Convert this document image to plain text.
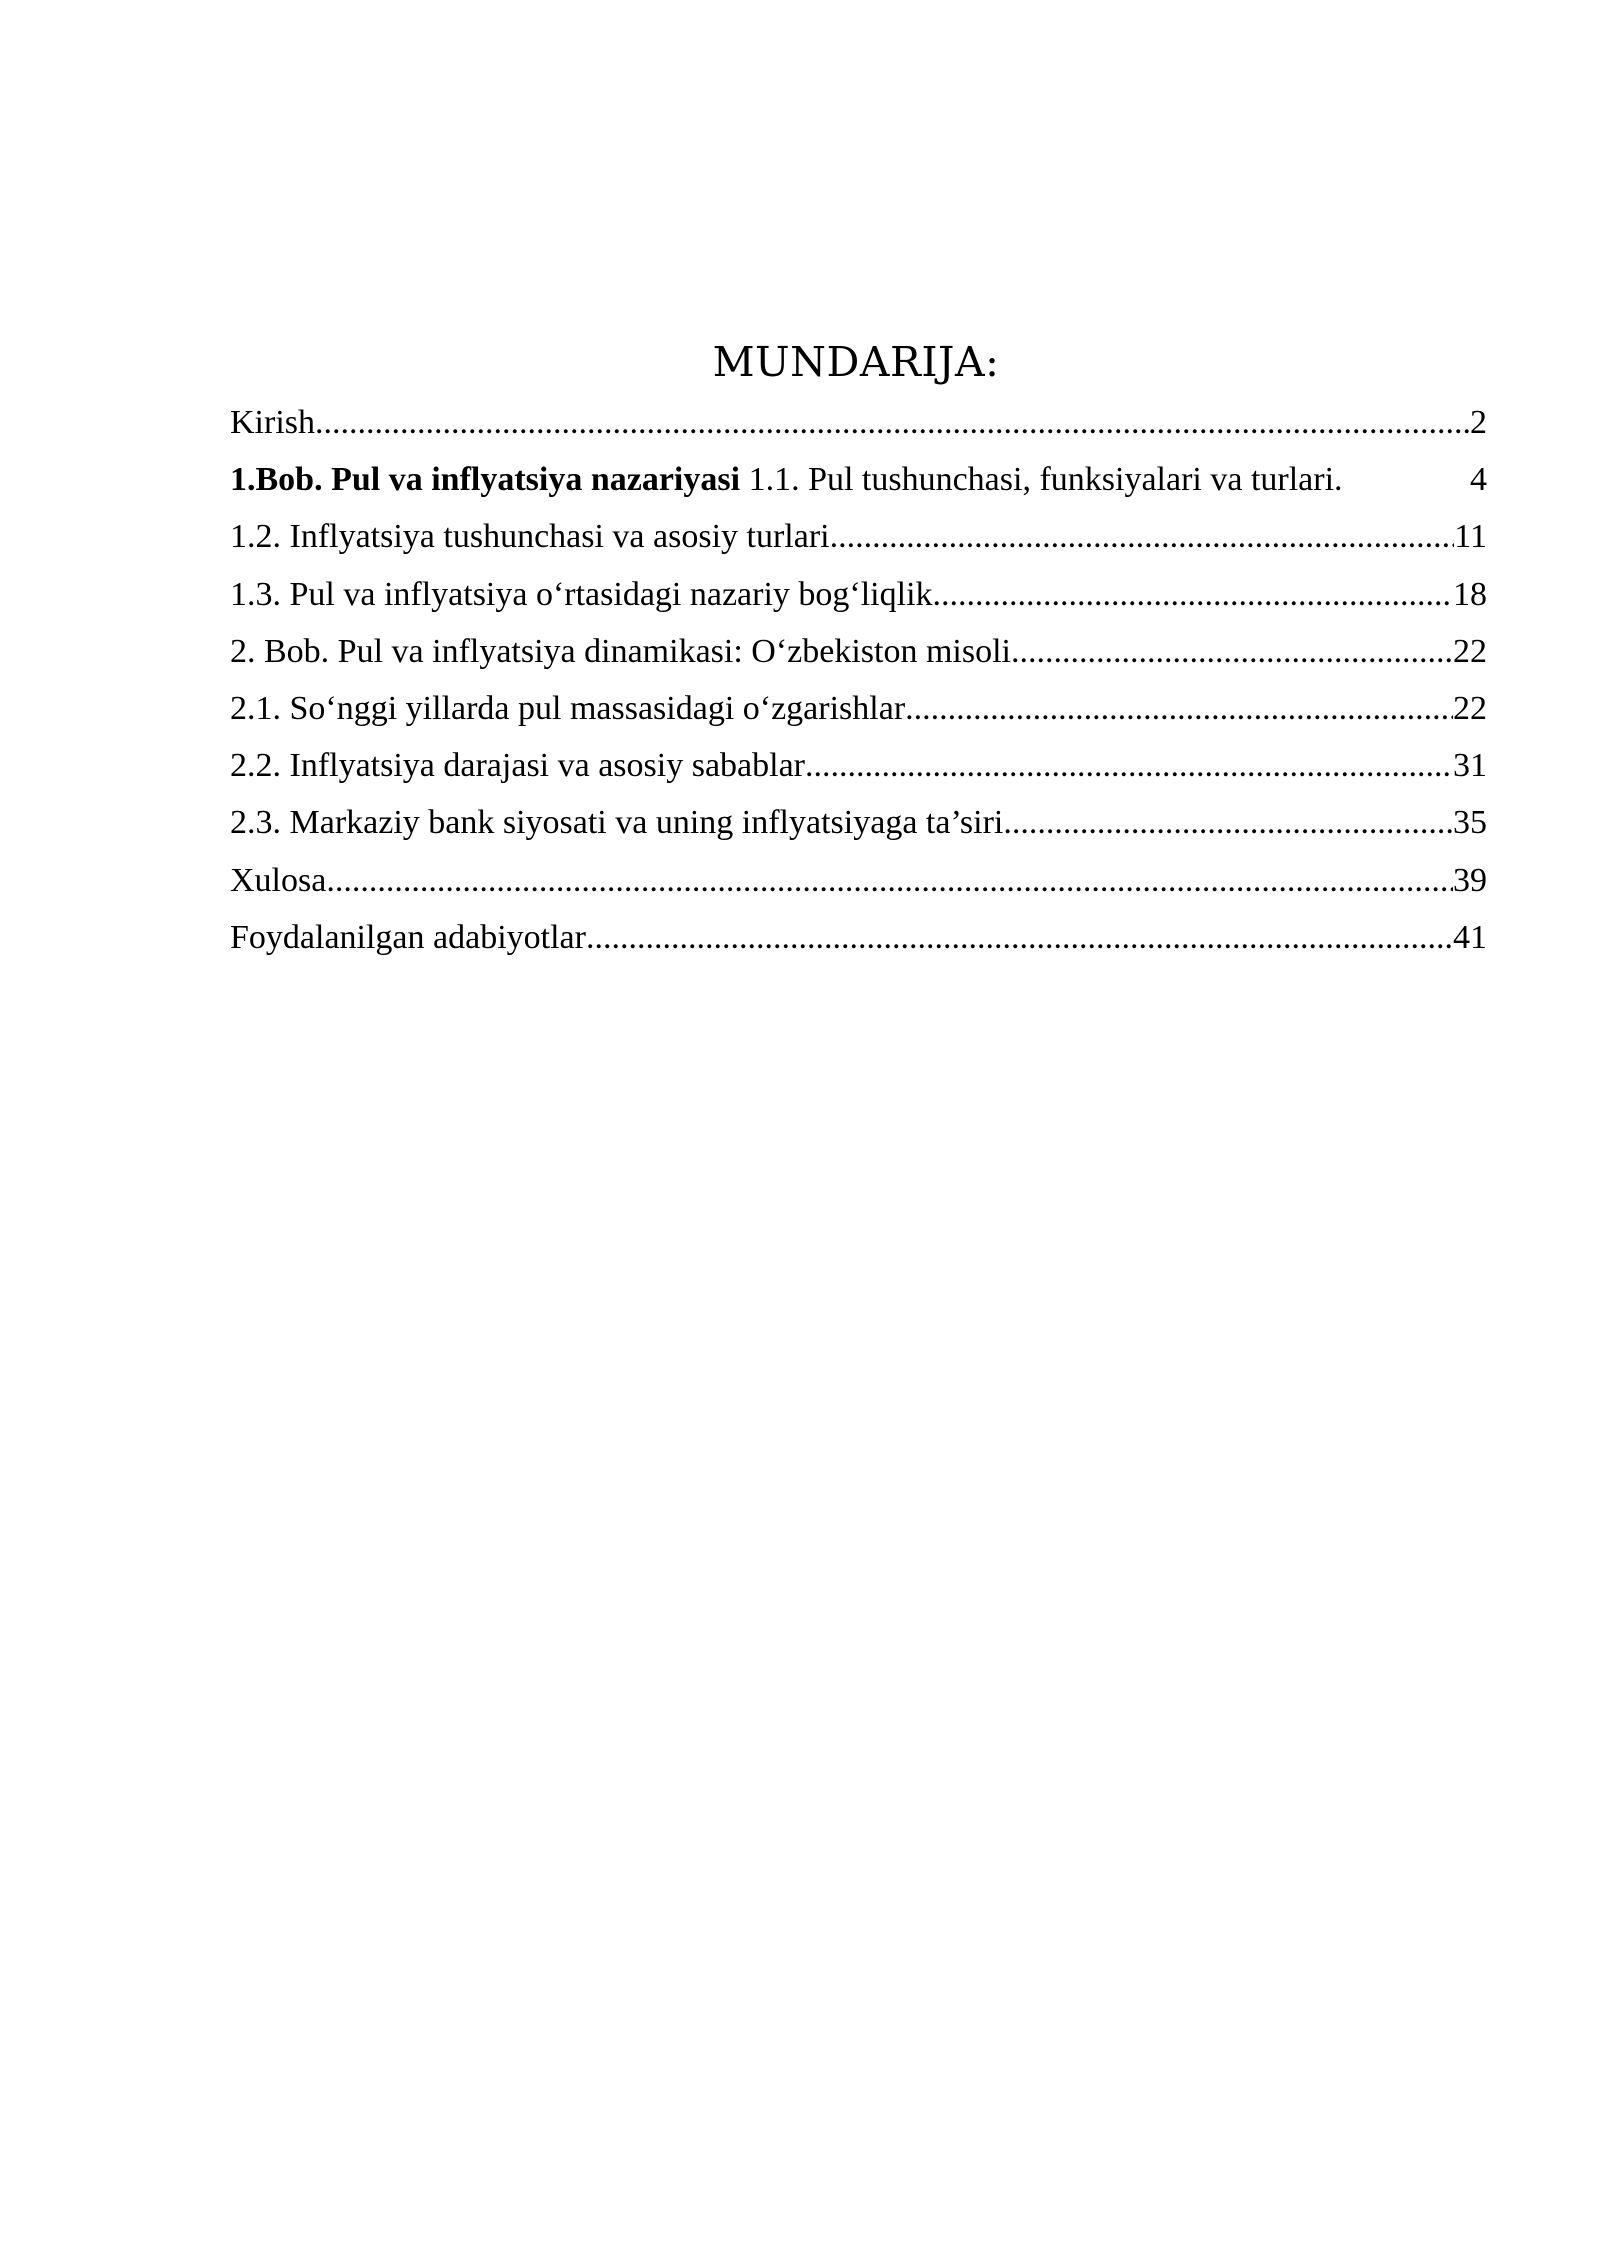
MUNDARIJA:
Kirish .....	2
1.Bob. Pul va inflyatsiya nazariyasi 1.1. Pul tushunchasi, funksiyalari va turlari.	4
1.2. Inflyatsiya tushunchasi va asosiy turlari .....	11
1.3. Pul va inflyatsiya o‘rtasidagi nazariy bog‘liqlik .....	18
2. Bob. Pul va inflyatsiya dinamikasi: O‘zbekiston misoli .....	22
2.1. So‘nggi yillarda pul massasidagi o‘zgarishlar .....	22
2.2. Inflyatsiya darajasi va asosiy sabablar .....	31
2.3. Markaziy bank siyosati va uning inflyatsiyaga ta’siri .....	35
Xulosa .....	39
Foydalanilgan adabiyotlar .....	41
